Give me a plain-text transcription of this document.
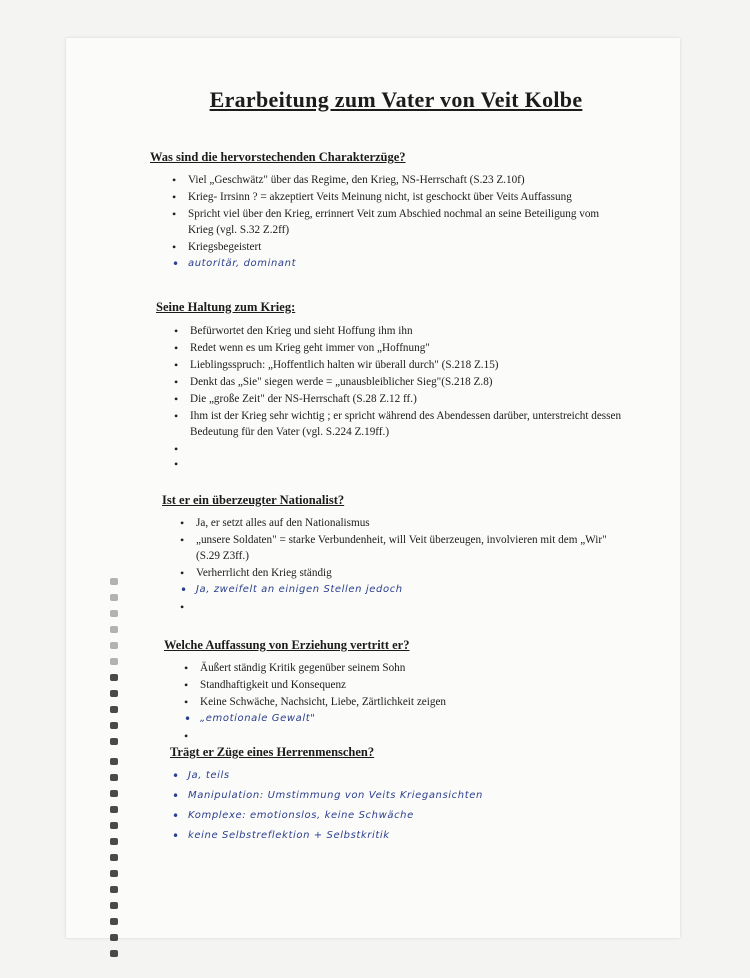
Erarbeitung zum Vater von Veit Kolbe
Was sind die hervorstechenden Charakterzüge?
• Viel „Geschwätz" über das Regime, den Krieg, NS-Herrschaft (S.23 Z.10f)
• Krieg- Irrsinn ? = akzeptiert Veits Meinung nicht, ist geschockt über Veits Auffassung
• Spricht viel über den Krieg, errinnert Veit zum Abschied nochmal an seine Beteiligung vom Krieg (vgl. S.32 Z.2ff)
• Kriegsbegeistert
• autoritär, dominant
Seine Haltung zum Krieg:
• Befürwortet den Krieg und sieht Hoffung ihm ihn
• Redet wenn es um Krieg geht immer von „Hoffnung"
• Lieblingsspruch: „Hoffentlich halten wir überall durch" (S.218 Z.15)
• Denkt das „Sie" siegen werde = „unausbleiblicher Sieg"(S.218 Z.8)
• Die „große Zeit" der NS-Herrschaft (S.28 Z.12 ff.)
• Ihm ist der Krieg sehr wichtig ; er spricht während des Abendessen darüber, unterstreicht dessen Bedeutung für den Vater (vgl. S.224 Z.19ff.)
•
•
Ist er ein überzeugter Nationalist?
• Ja, er setzt alles auf den Nationalismus
• „unsere Soldaten" = starke Verbundenheit, will Veit überzeugen, involvieren mit dem „Wir" (S.29 Z3ff.)
• Verherrlicht den Krieg ständig
• Ja, zweifelt an einigen Stellen jedoch
•
Welche Auffassung von Erziehung vertritt er?
• Äußert ständig Kritik gegenüber seinem Sohn
• Standhaftigkeit und Konsequenz
• Keine Schwäche, Nachsicht, Liebe, Zärtlichkeit zeigen
• „emotionale Gewalt"
•
Trägt er Züge eines Herrenmenschen?
• Ja, teils
• Manipulation: Umstimmung von Veits Kriegansichten
• Komplexe: emotionslos, keine Schwäche
• keine Selbstreflektion + Selbstkritik
